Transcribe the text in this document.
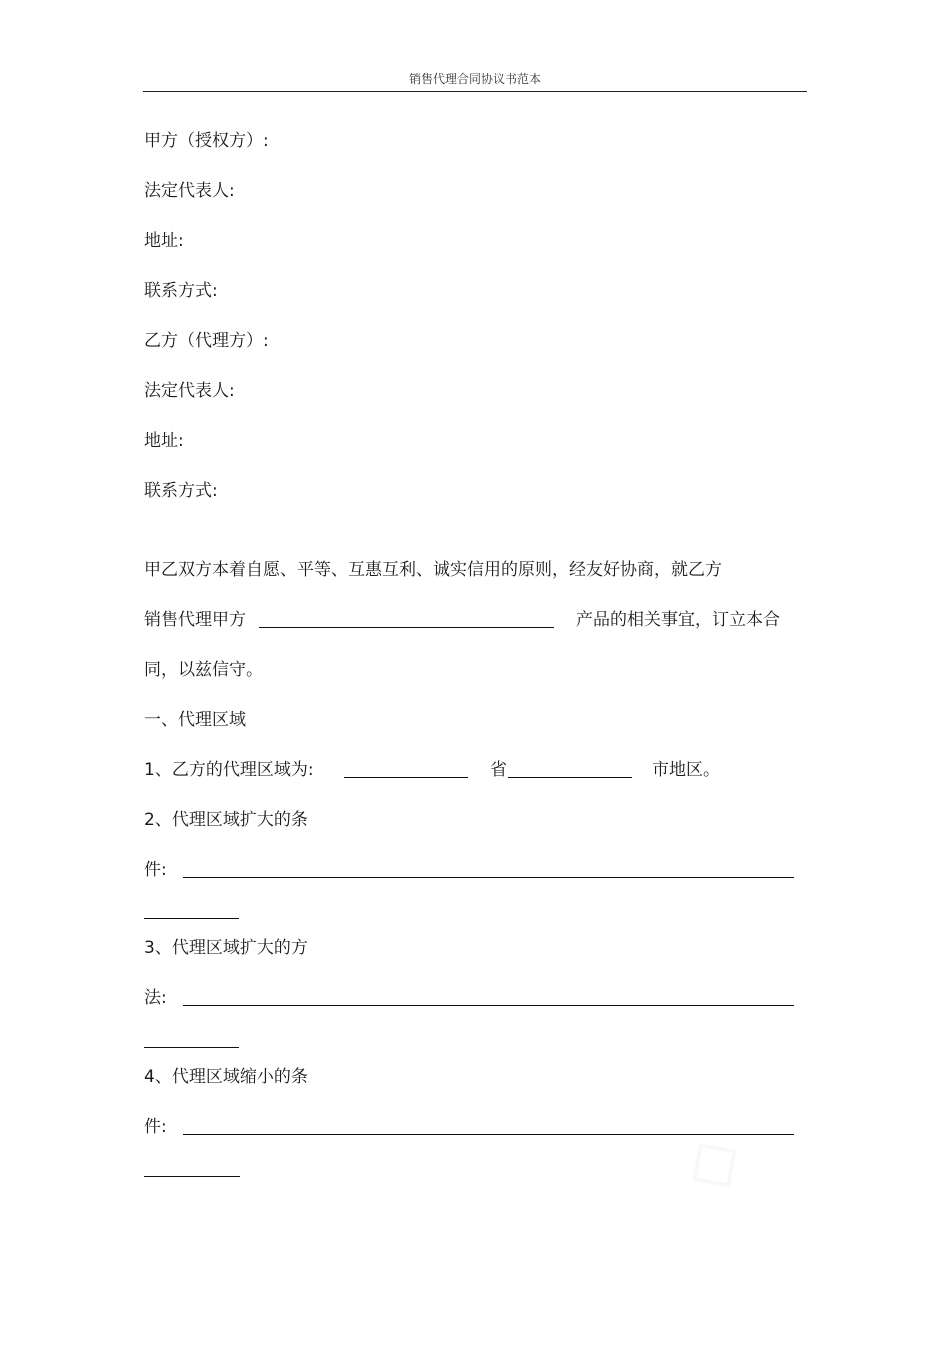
销售代理合同协议书范本
甲方（授权方）:
法定代表人:
地址:
联系方式:
乙方（代理方）:
法定代表人:
地址:
联系方式:
甲乙双方本着自愿、平等、互惠互利、诚实信用的原则，经友好协商，就乙方
销售代理甲方	产品的相关事宜，订立本合
同，以兹信守。
一、代理区域
1、乙方的代理区域为:	省	市地区。
2、代理区域扩大的条
件:
3、代理区域扩大的方
法:
4、代理区域缩小的条
件:	◇
